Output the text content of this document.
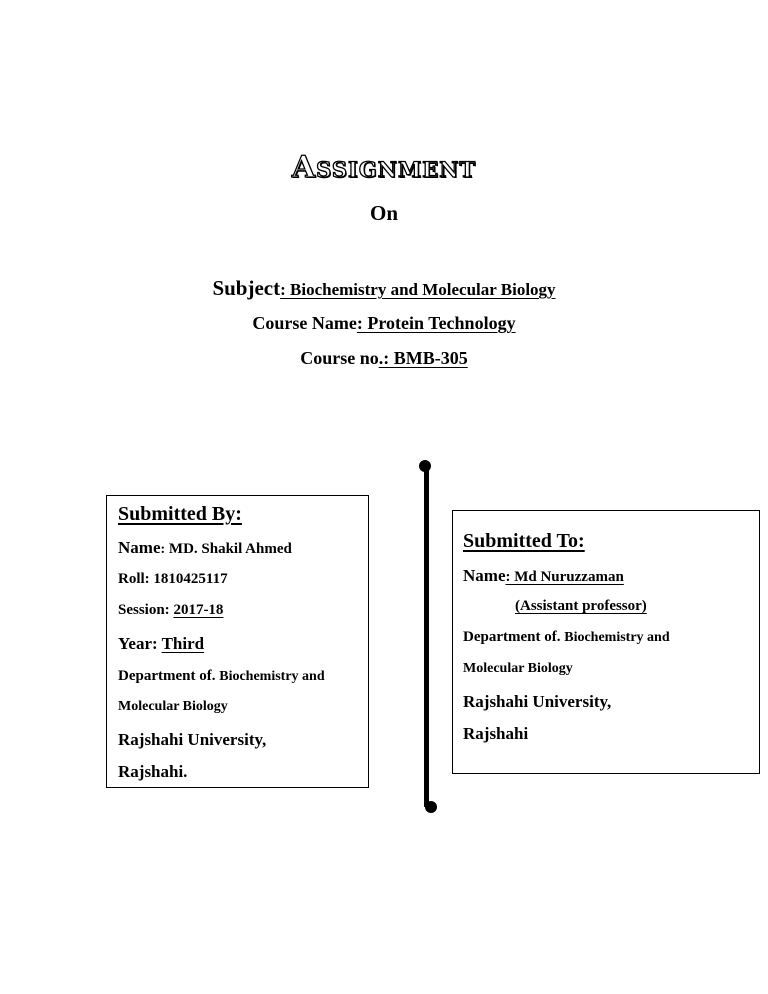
Assignment
On
Subject: Biochemistry and Molecular Biology
Course Name: Protein Technology
Course no.: BMB-305
Submitted By:
Name: MD. Shakil Ahmed
Roll: 1810425117
Session: 2017-18
Year: Third
Department of. Biochemistry and
Molecular Biology
Rajshahi University,
Rajshahi.
Submitted To:
Name: Md Nuruzzaman
(Assistant professor)
Department of. Biochemistry and
Molecular Biology
Rajshahi University,
Rajshahi
